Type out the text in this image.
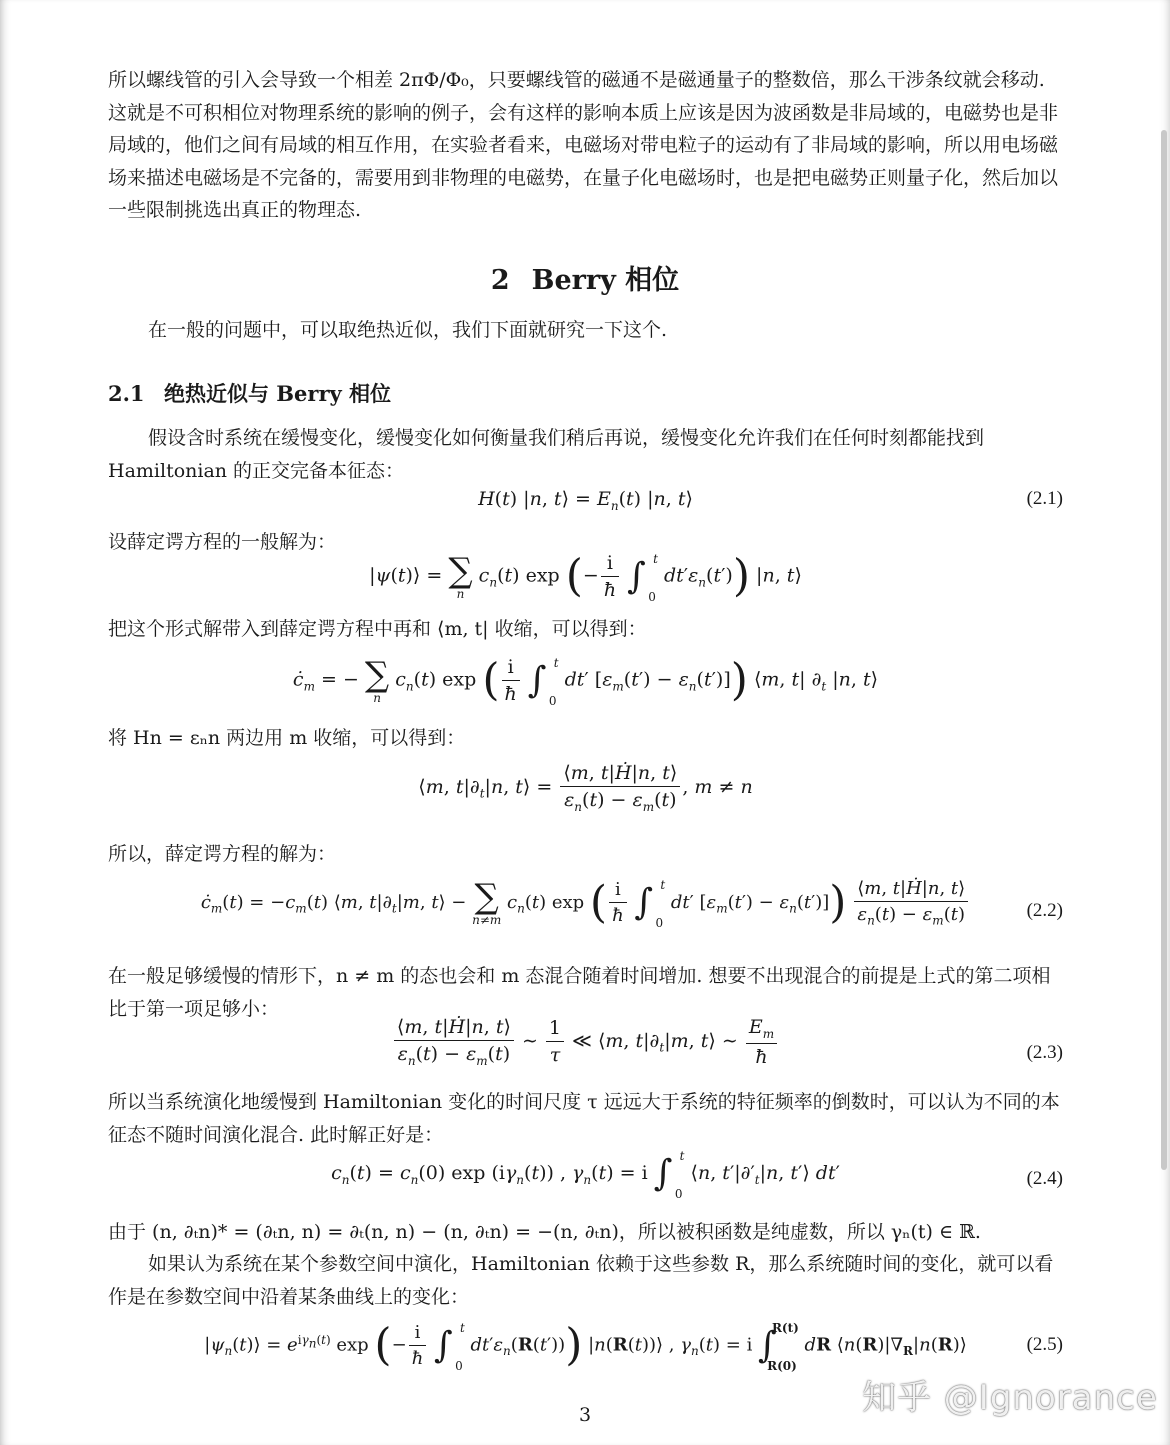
所以螺线管的引入会导致一个相差 2πΦ/Φ₀，只要螺线管的磁通不是磁通量子的整数倍，那么干涉条纹就会移动. 这就是不可积相位对物理系统的影响的例子，会有这样的影响本质上应该是因为波函数是非局域的，电磁势也是非局域的，他们之间有局域的相互作用，在实验者看来，电磁场对带电粒子的运动有了非局域的影响，所以用电场磁场来描述电磁场是不完备的，需要用到非物理的电磁势，在量子化电磁场时，也是把电磁势正则量子化，然后加以一些限制挑选出真正的物理态.
2 Berry 相位
在一般的问题中，可以取绝热近似，我们下面就研究一下这个.
2.1 绝热近似与 Berry 相位
假设含时系统在缓慢变化，缓慢变化如何衡量我们稍后再说，缓慢变化允许我们在任何时刻都能找到 Hamiltonian 的正交完备本征态：
H(t) |n, t⟩ = $E_n(t)$ |n, t⟩	(2.1)
设薛定谔方程的一般解为：
|ψ(t)⟩ = ∑
n
$c_n(t)$ exp (− $\frac{i}{ħ}$ ∫ t
0
$dt'\varepsilon_n(t')$) |n, t⟩
把这个形式解带入到薛定谔方程中再和 ⟨m, t| 收缩，可以得到：
$ċ_m$ = − ∑
n
$c_n(t)$ exp ( $\frac{i}{ħ}$ ∫ t
0
dt′ $[\varepsilon_m(t') - \varepsilon_n(t')]$) ⟨m, t| $\partial_t$ |n, t⟩
将 Hn = εₙn 两边用 m 收缩，可以得到：
⟨m, $t|\partial_t|n$, t⟩ = $\frac{\text{⟨m, t|Ḣ|n, t⟩}}{\varepsilon_n(t) - \varepsilon_m(t)}$ , m ≠ n
所以，薛定谔方程的解为：
$ċ_m(t) = -c_m(t)$ ⟨m, $t|\partial_t|m$, t⟩ − ∑
n≠m
$c_n(t)$ exp ( $\frac{i}{ħ}$ ∫ t
0
dt′ $[\varepsilon_m(t') - \varepsilon_n(t')]) \frac{\text{⟨m, t|Ḣ|n, t⟩}}{\varepsilon_n(t) - \varepsilon_m(t)}$	(2.2)
在一般足够缓慢的情形下，n ≠ m 的态也会和 m 态混合随着时间增加. 想要不出现混合的前提是上式的第二项相比于第一项足够小：
$\frac{\text{⟨m, t|Ḣ|n, t⟩}}{\varepsilon_n(t) - \varepsilon_m(t)}$ ∼ $\frac{1}{\tau}$ ≪ ⟨m, $t|\partial_t|m$, t⟩ ∼ $\frac{E_m}{ħ}$	(2.3)
所以当系统演化地缓慢到 Hamiltonian 变化的时间尺度 τ 远远大于系统的特征频率的倒数时，可以认为不同的本征态不随时间演化混合. 此时解正好是：
$c_n(t) = c_n(0)$ $\exp (i\gamma_n(t))$ , $\gamma_n(t) = i$ ∫ t
0
⟨n, $t'|\partial'_t|n$, t′⟩ dt′	(2.4)
由于 (n, ∂ₜn)* = (∂ₜn, n) = ∂ₜ(n, n) − (n, ∂ₜn) = −(n, ∂ₜn)，所以被积函数是纯虚数，所以 γₙ(t) ∈ ℝ.
如果认为系统在某个参数空间中演化，Hamiltonian 依赖于这些参数 R，那么系统随时间的变化，就可以看作是在参数空间中沿着某条曲线上的变化：
$|\psi_n(t)⟩ = e^{i\gamma_n(t)}$ exp (− $\frac{i}{ħ}$ ∫ t
0
$dt'\varepsilon_n(R(t'))$) |n(R(t))⟩ , $\gamma_n(t) = i$ ∫
R(t)
R(0)
dR $⟨n(R)|\nabla_R|n(R)⟩$	(2.5)
知乎 @Ignorance
3
